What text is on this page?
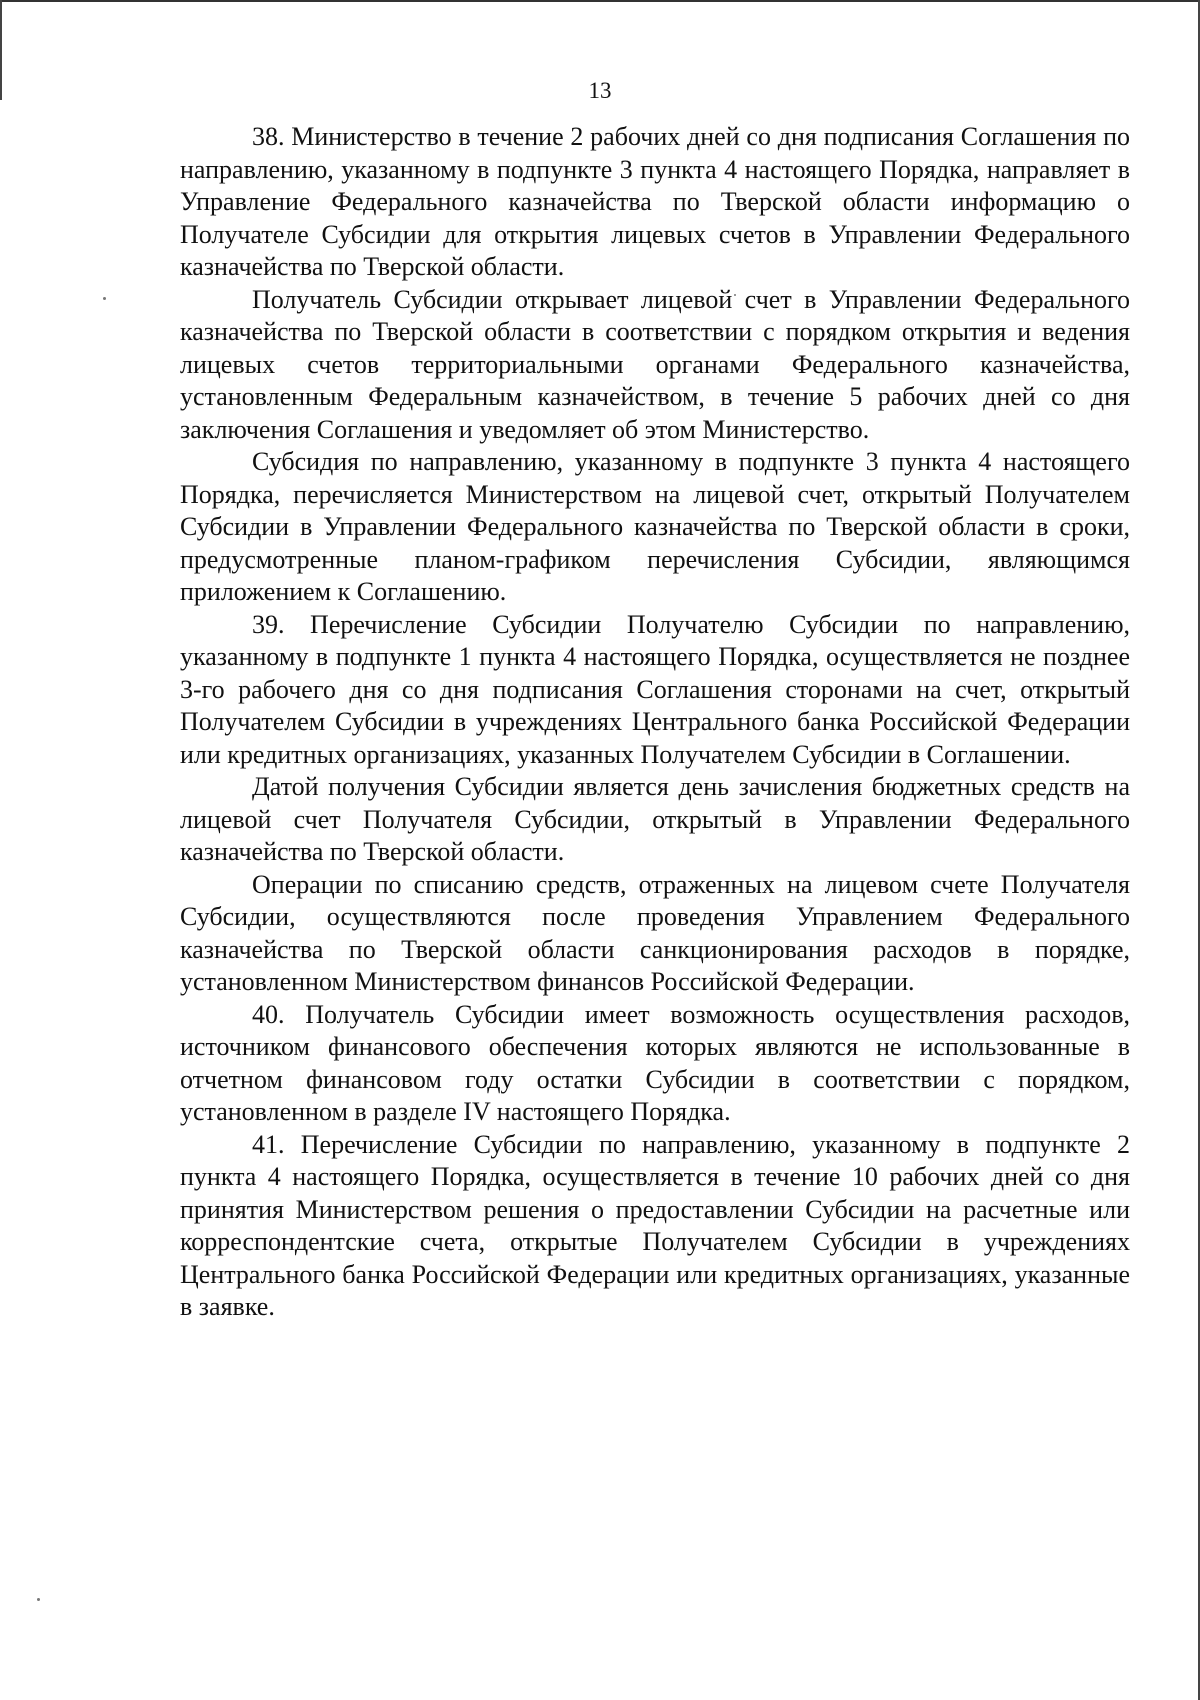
13

38. Министерство в течение 2 рабочих дней со дня подписания Соглашения по направлению, указанному в подпункте 3 пункта 4 настоящего Порядка, направляет в Управление Федерального казначейства по Тверской области информацию о Получателе Субсидии для открытия лицевых счетов в Управлении Федерального казначейства по Тверской области.

Получатель Субсидии открывает лицевой счет в Управлении Федерального казначейства по Тверской области в соответствии с порядком открытия и ведения лицевых счетов территориальными органами Федерального казначейства, установленным Федеральным казначейством, в течение 5 рабочих дней со дня заключения Соглашения и уведомляет об этом Министерство.

Субсидия по направлению, указанному в подпункте 3 пункта 4 настоящего Порядка, перечисляется Министерством на лицевой счет, открытый Получателем Субсидии в Управлении Федерального казначейства по Тверской области в сроки, предусмотренные планом-графиком перечисления Субсидии, являющимся приложением к Соглашению.

39. Перечисление Субсидии Получателю Субсидии по направлению, указанному в подпункте 1 пункта 4 настоящего Порядка, осуществляется не позднее 3-го рабочего дня со дня подписания Соглашения сторонами на счет, открытый Получателем Субсидии в учреждениях Центрального банка Российской Федерации или кредитных организациях, указанных Получателем Субсидии в Соглашении.

Датой получения Субсидии является день зачисления бюджетных средств на лицевой счет Получателя Субсидии, открытый в Управлении Федерального казначейства по Тверской области.

Операции по списанию средств, отраженных на лицевом счете Получателя Субсидии, осуществляются после проведения Управлением Федерального казначейства по Тверской области санкционирования расходов в порядке, установленном Министерством финансов Российской Федерации.

40. Получатель Субсидии имеет возможность осуществления расходов, источником финансового обеспечения которых являются не использованные в отчетном финансовом году остатки Субсидии в соответствии с порядком, установленном в разделе IV настоящего Порядка.

41. Перечисление Субсидии по направлению, указанному в подпункте 2 пункта 4 настоящего Порядка, осуществляется в течение 10 рабочих дней со дня принятия Министерством решения о предоставлении Субсидии на расчетные или корреспондентские счета, открытые Получателем Субсидии в учреждениях Центрального банка Российской Федерации или кредитных организациях, указанные в заявке.
